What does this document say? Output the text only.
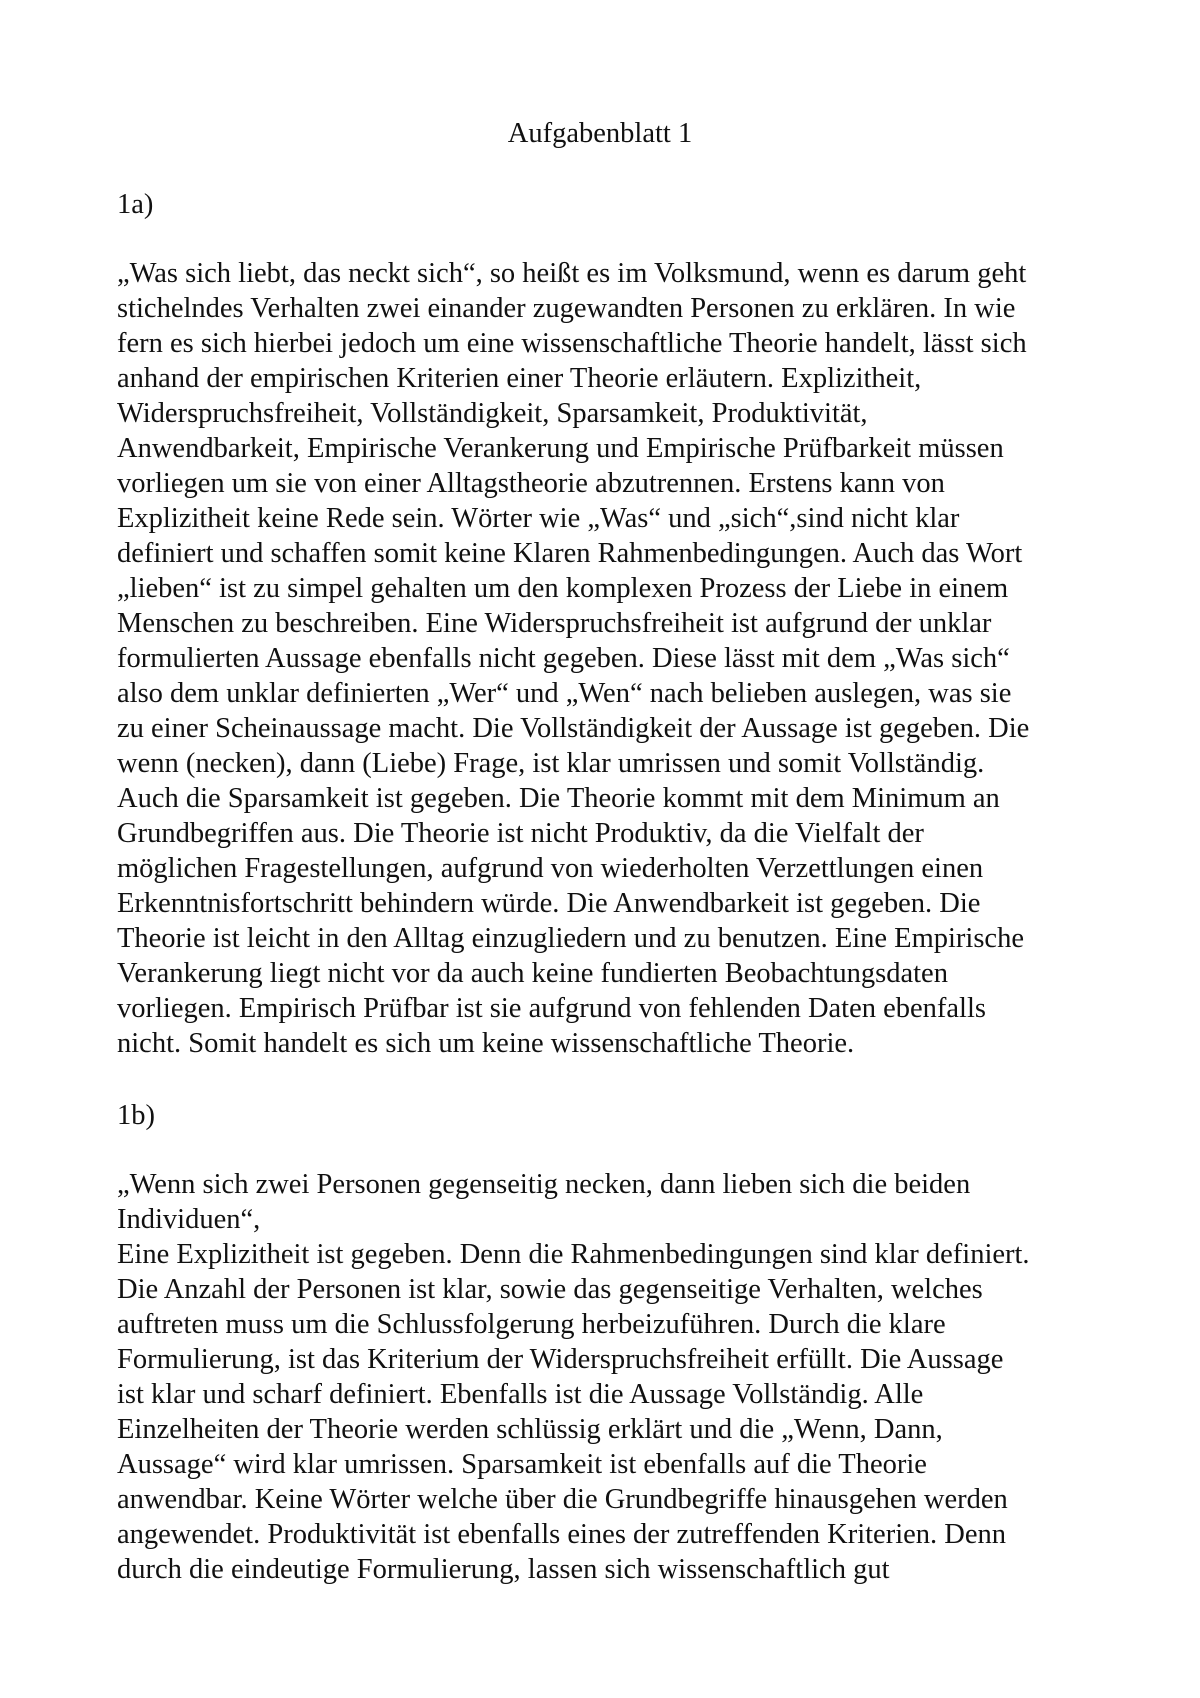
Aufgabenblatt 1
1a)
„Was sich liebt, das neckt sich“, so heißt es im Volksmund, wenn es darum geht
stichelndes Verhalten zwei einander zugewandten Personen zu erklären. In wie
fern es sich hierbei jedoch um eine wissenschaftliche Theorie handelt, lässt sich
anhand der empirischen Kriterien einer Theorie erläutern. Explizitheit,
Widerspruchsfreiheit, Vollständigkeit, Sparsamkeit, Produktivität,
Anwendbarkeit, Empirische Verankerung und Empirische Prüfbarkeit müssen
vorliegen um sie von einer Alltagstheorie abzutrennen. Erstens kann von
Explizitheit keine Rede sein. Wörter wie „Was“ und „sich“,sind nicht klar
definiert und schaffen somit keine Klaren Rahmenbedingungen. Auch das Wort
„lieben“ ist zu simpel gehalten um den komplexen Prozess der Liebe in einem
Menschen zu beschreiben. Eine Widerspruchsfreiheit ist aufgrund der unklar
formulierten Aussage ebenfalls nicht gegeben. Diese lässt mit dem „Was sich“
also dem unklar definierten „Wer“ und „Wen“ nach belieben auslegen, was sie
zu einer Scheinaussage macht. Die Vollständigkeit der Aussage ist gegeben. Die
wenn (necken), dann (Liebe) Frage, ist klar umrissen und somit Vollständig.
Auch die Sparsamkeit ist gegeben. Die Theorie kommt mit dem Minimum an
Grundbegriffen aus. Die Theorie ist nicht Produktiv, da die Vielfalt der
möglichen Fragestellungen, aufgrund von wiederholten Verzettlungen einen
Erkenntnisfortschritt behindern würde. Die Anwendbarkeit ist gegeben. Die
Theorie ist leicht in den Alltag einzugliedern und zu benutzen. Eine Empirische
Verankerung liegt nicht vor da auch keine fundierten Beobachtungsdaten
vorliegen. Empirisch Prüfbar ist sie aufgrund von fehlenden Daten ebenfalls
nicht. Somit handelt es sich um keine wissenschaftliche Theorie.
1b)
„Wenn sich zwei Personen gegenseitig necken, dann lieben sich die beiden
Individuen“,
Eine Explizitheit ist gegeben. Denn die Rahmenbedingungen sind klar definiert.
Die Anzahl der Personen ist klar, sowie das gegenseitige Verhalten, welches
auftreten muss um die Schlussfolgerung herbeizuführen. Durch die klare
Formulierung, ist das Kriterium der Widerspruchsfreiheit erfüllt. Die Aussage
ist klar und scharf definiert. Ebenfalls ist die Aussage Vollständig. Alle
Einzelheiten der Theorie werden schlüssig erklärt und die „Wenn, Dann,
Aussage“ wird klar umrissen. Sparsamkeit ist ebenfalls auf die Theorie
anwendbar. Keine Wörter welche über die Grundbegriffe hinausgehen werden
angewendet. Produktivität ist ebenfalls eines der zutreffenden Kriterien. Denn
durch die eindeutige Formulierung, lassen sich wissenschaftlich gut
